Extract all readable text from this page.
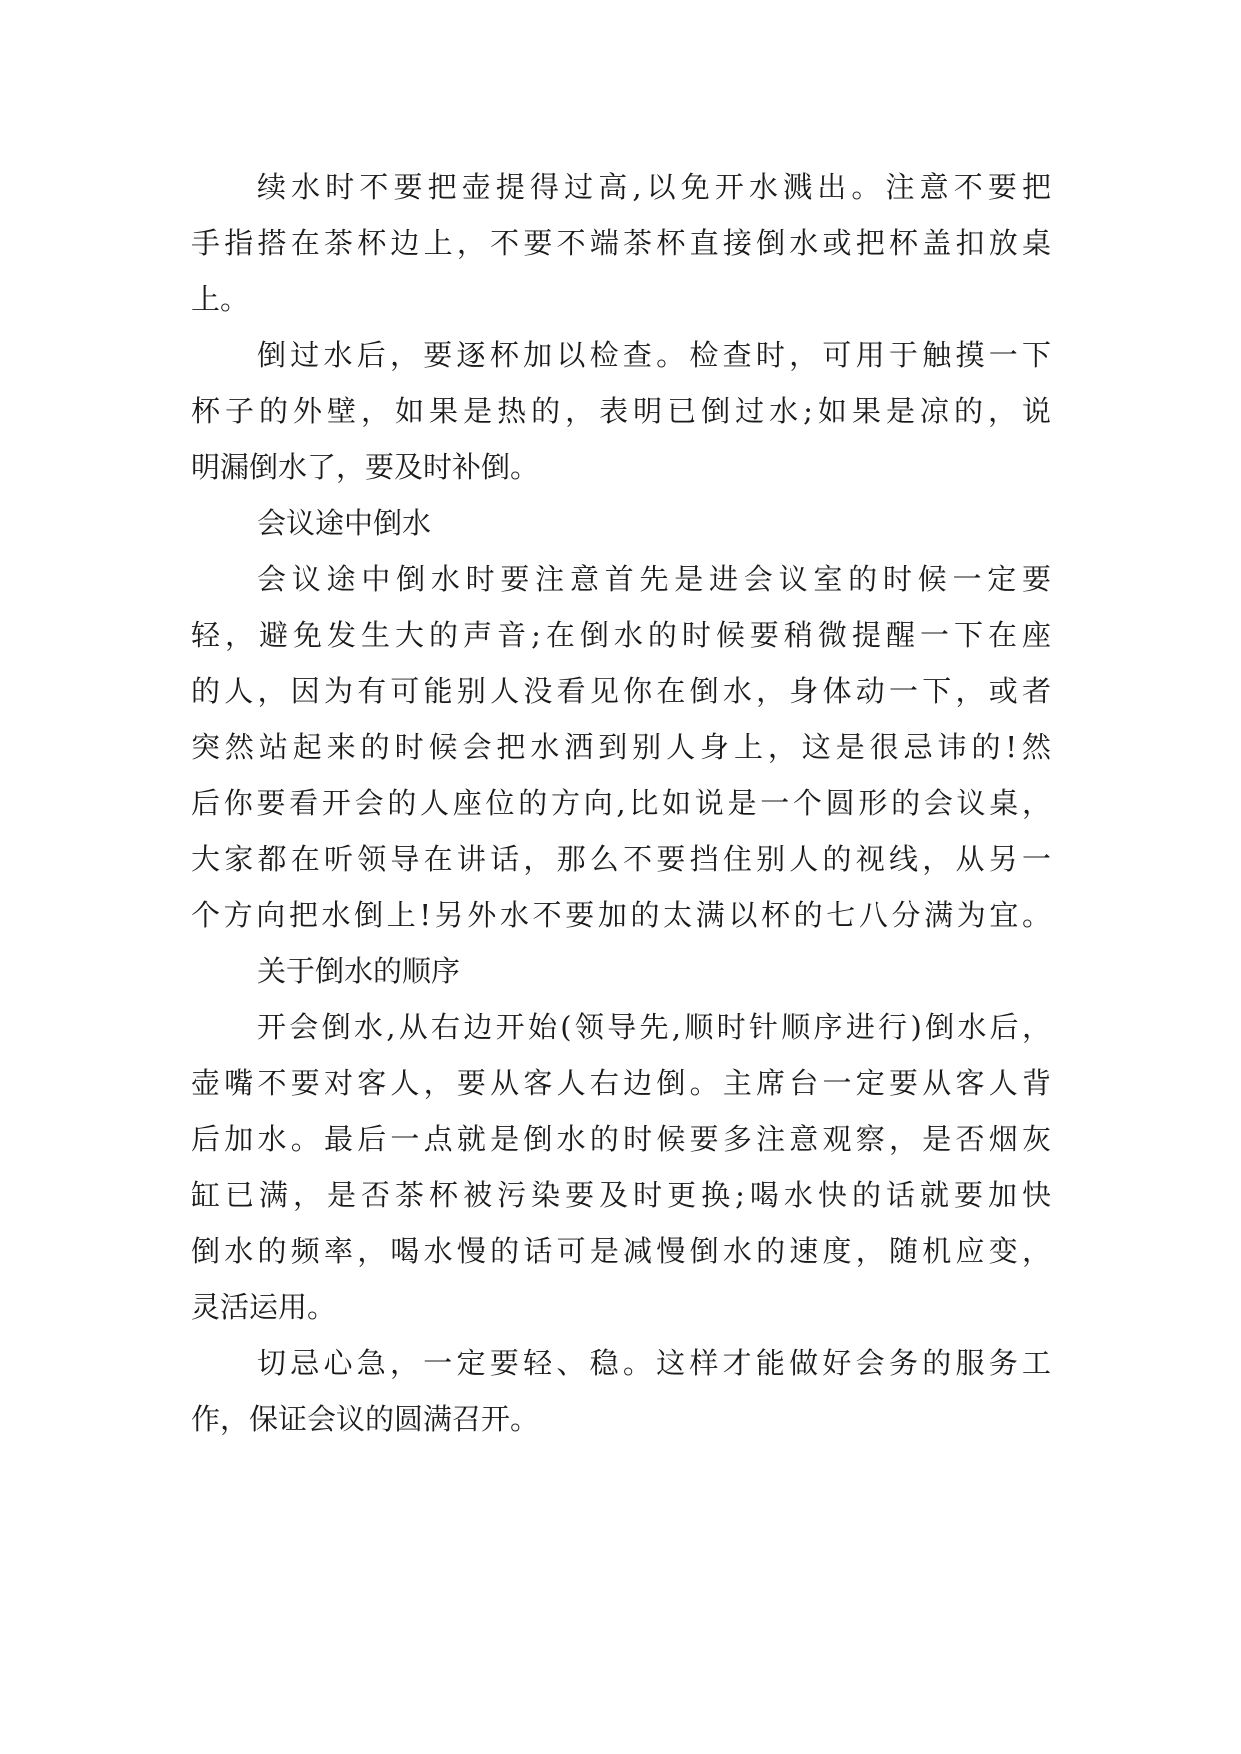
续水时不要把壶提得过高,以免开水溅出。注意不要把
手指搭在茶杯边上，不要不端茶杯直接倒水或把杯盖扣放桌
上。
倒过水后，要逐杯加以检查。检查时，可用于触摸一下
杯子的外壁，如果是热的，表明已倒过水;如果是凉的，说
明漏倒水了，要及时补倒。
会议途中倒水
会议途中倒水时要注意首先是进会议室的时候一定要
轻，避免发生大的声音;在倒水的时候要稍微提醒一下在座
的人，因为有可能别人没看见你在倒水，身体动一下，或者
突然站起来的时候会把水洒到别人身上，这是很忌讳的!然
后你要看开会的人座位的方向,比如说是一个圆形的会议桌，
大家都在听领导在讲话，那么不要挡住别人的视线，从另一
个方向把水倒上!另外水不要加的太满以杯的七八分满为宜。
关于倒水的顺序
开会倒水,从右边开始(领导先,顺时针顺序进行)倒水后，
壶嘴不要对客人，要从客人右边倒。主席台一定要从客人背
后加水。最后一点就是倒水的时候要多注意观察，是否烟灰
缸已满，是否茶杯被污染要及时更换;喝水快的话就要加快
倒水的频率，喝水慢的话可是减慢倒水的速度，随机应变，
灵活运用。
切忌心急，一定要轻、稳。这样才能做好会务的服务工
作，保证会议的圆满召开。
